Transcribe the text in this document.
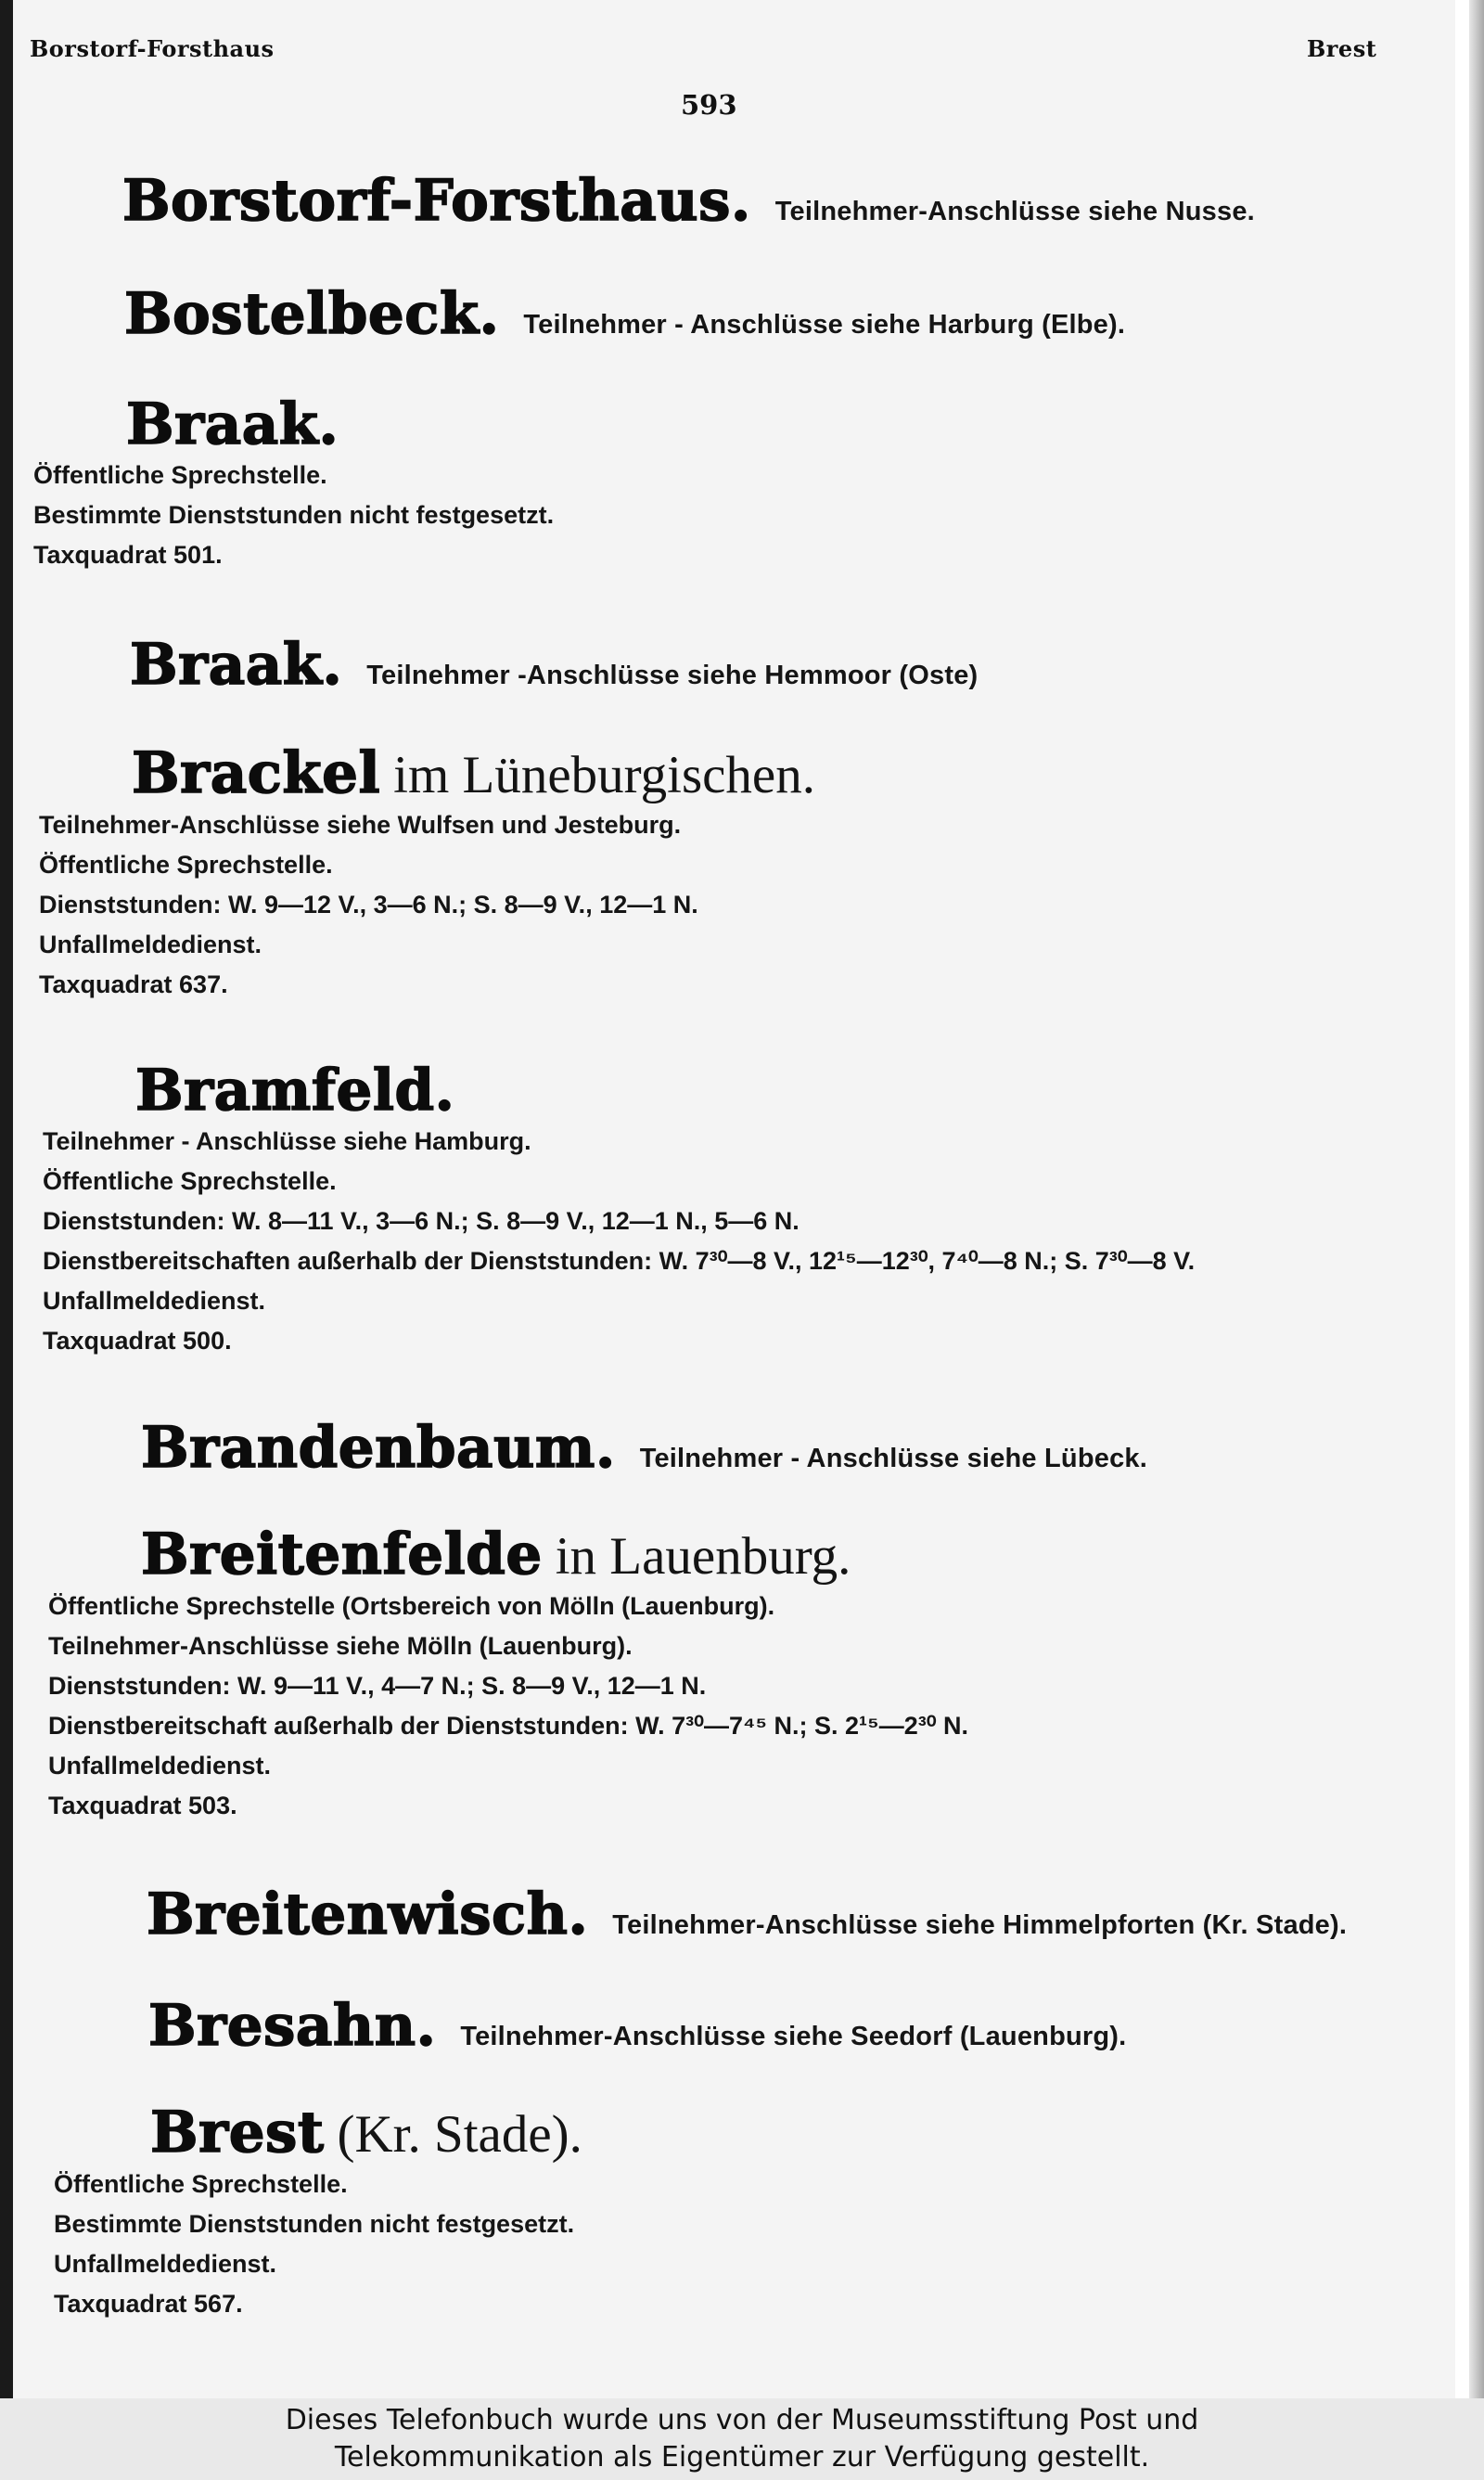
Borstorf-Forsthaus
593
Brest
Borstorf-Forsthaus. Teilnehmer-Anschlüsse siehe Nusse.
Bostelbeck. Teilnehmer - Anschlüsse siehe Harburg (Elbe).
Braak.
Öffentliche Sprechstelle.
Bestimmte Dienststunden nicht festgesetzt.
Taxquadrat 501.
Braak. Teilnehmer -Anschlüsse siehe Hemmoor (Oste)
Brackel im Lüneburgischen.
Teilnehmer-Anschlüsse siehe Wulfsen und Jesteburg.
Öffentliche Sprechstelle.
Dienststunden: W. 9—12 V., 3—6 N.; S. 8—9 V., 12—1 N.
Unfallmeldedienst.
Taxquadrat 637.
Bramfeld.
Teilnehmer - Anschlüsse siehe Hamburg.
Öffentliche Sprechstelle.
Dienststunden: W. 8—11 V., 3—6 N.; S. 8—9 V., 12—1 N., 5—6 N.
Dienstbereitschaften außerhalb der Dienststunden: W. 7³⁰—8 V., 12¹⁵—12³⁰, 7⁴⁰—8 N.; S. 7³⁰—8 V.
Unfallmeldedienst.
Taxquadrat 500.
Brandenbaum. Teilnehmer - Anschlüsse siehe Lübeck.
Breitenfelde in Lauenburg.
Öffentliche Sprechstelle (Ortsbereich von Mölln (Lauenburg).
Teilnehmer-Anschlüsse siehe Mölln (Lauenburg).
Dienststunden: W. 9—11 V., 4—7 N.; S. 8—9 V., 12—1 N.
Dienstbereitschaft außerhalb der Dienststunden: W. 7³⁰—7⁴⁵ N.; S. 2¹⁵—2³⁰ N.
Unfallmeldedienst.
Taxquadrat 503.
Breitenwisch. Teilnehmer-Anschlüsse siehe Himmelpforten (Kr. Stade).
Bresahn. Teilnehmer-Anschlüsse siehe Seedorf (Lauenburg).
Brest (Kr. Stade).
Öffentliche Sprechstelle.
Bestimmte Dienststunden nicht festgesetzt.
Unfallmeldedienst.
Taxquadrat 567.
Dieses Telefonbuch wurde uns von der Museumsstiftung Post und
Telekommunikation als Eigentümer zur Verfügung gestellt.
